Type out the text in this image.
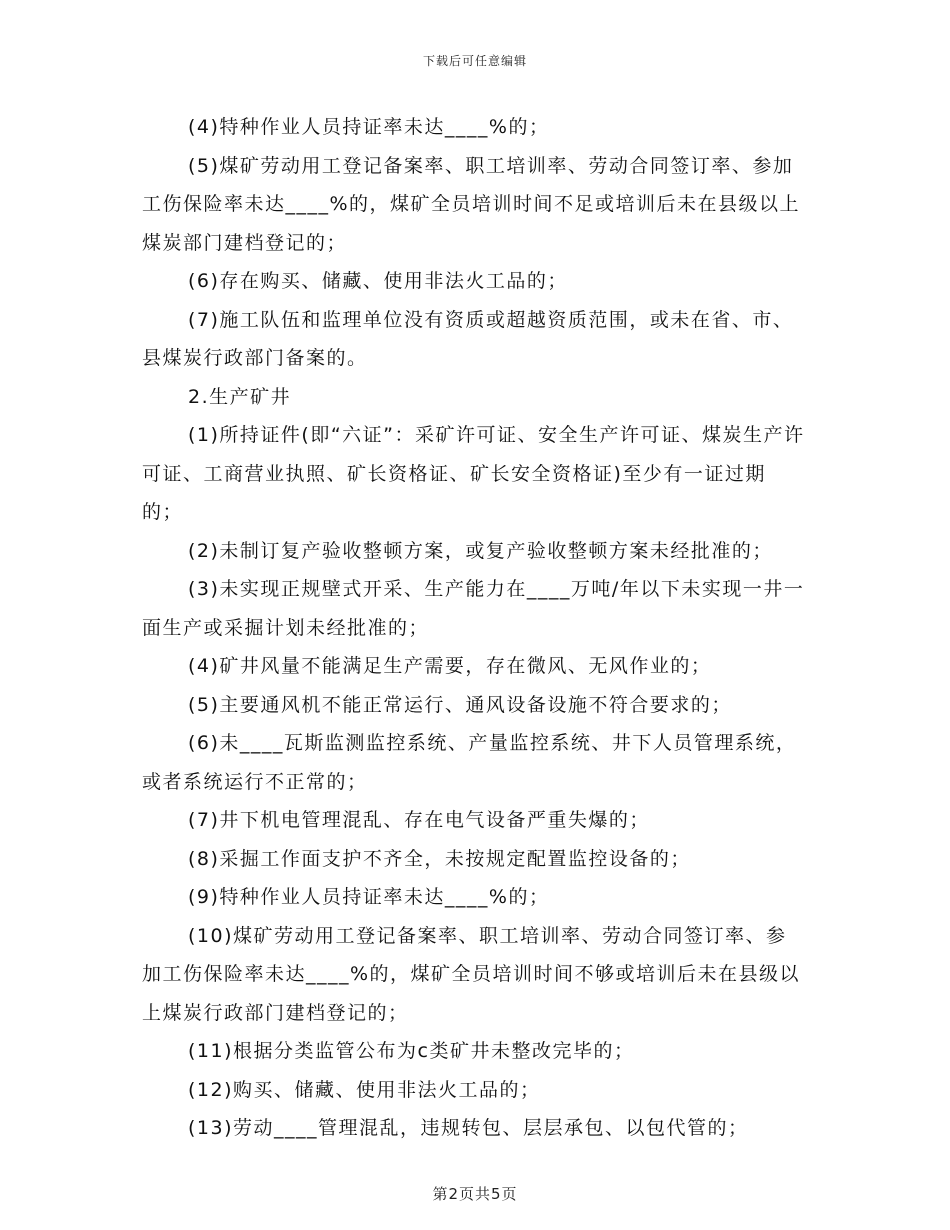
下载后可任意编辑

(4)特种作业人员持证率未达____%的；

(5)煤矿劳动用工登记备案率、职工培训率、劳动合同签订率、参加工伤保险率未达____%的，煤矿全员培训时间不足或培训后未在县级以上煤炭部门建档登记的；

(6)存在购买、储藏、使用非法火工品的；

(7)施工队伍和监理单位没有资质或超越资质范围，或未在省、市、县煤炭行政部门备案的。

2.生产矿井

(1)所持证件(即“六证”：采矿许可证、安全生产许可证、煤炭生产许可证、工商营业执照、矿长资格证、矿长安全资格证)至少有一证过期的；

(2)未制订复产验收整顿方案，或复产验收整顿方案未经批准的；

(3)未实现正规壁式开采、生产能力在____万吨/年以下未实现一井一面生产或采掘计划未经批准的；

(4)矿井风量不能满足生产需要，存在微风、无风作业的；

(5)主要通风机不能正常运行、通风设备设施不符合要求的；

(6)未____瓦斯监测监控系统、产量监控系统、井下人员管理系统，或者系统运行不正常的；

(7)井下机电管理混乱、存在电气设备严重失爆的；

(8)采掘工作面支护不齐全，未按规定配置监控设备的；

(9)特种作业人员持证率未达____%的；

(10)煤矿劳动用工登记备案率、职工培训率、劳动合同签订率、参加工伤保险率未达____%的，煤矿全员培训时间不够或培训后未在县级以上煤炭行政部门建档登记的；

(11)根据分类监管公布为c类矿井未整改完毕的；

(12)购买、储藏、使用非法火工品的；

(13)劳动____管理混乱，违规转包、层层承包、以包代管的；

第2页共5页
